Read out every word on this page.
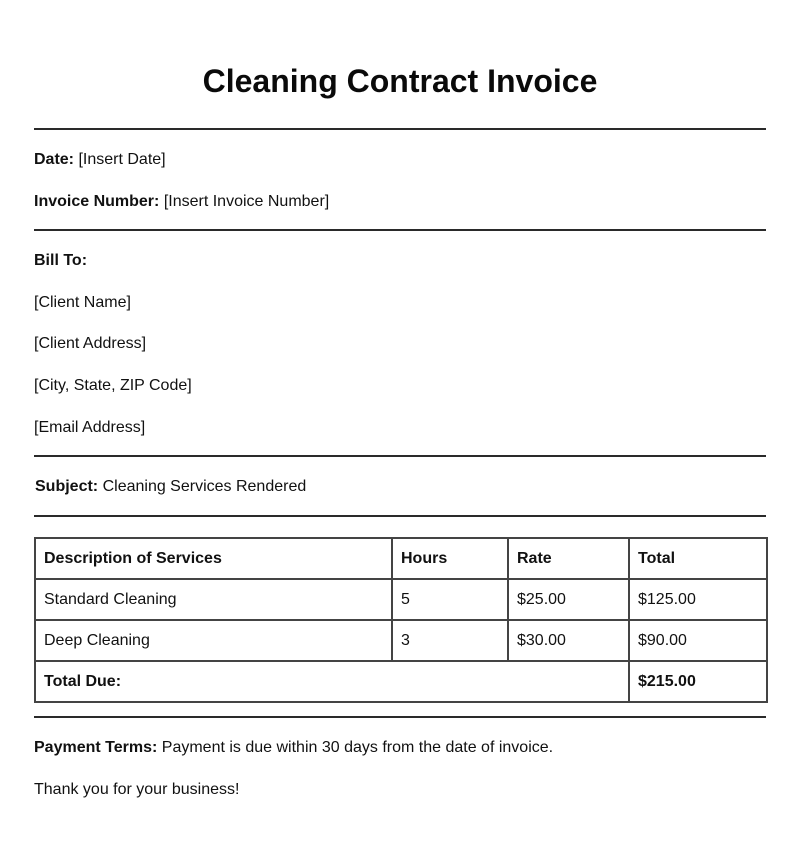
Cleaning Contract Invoice
Date: [Insert Date]
Invoice Number: [Insert Invoice Number]
Bill To:
[Client Name]
[Client Address]
[City, State, ZIP Code]
[Email Address]
Subject: Cleaning Services Rendered
Description of Services	Hours	Rate	Total
Standard Cleaning	5	$25.00	$125.00
Deep Cleaning	3	$30.00	$90.00
Total Due:			$215.00
Payment Terms: Payment is due within 30 days from the date of invoice.
Thank you for your business!
